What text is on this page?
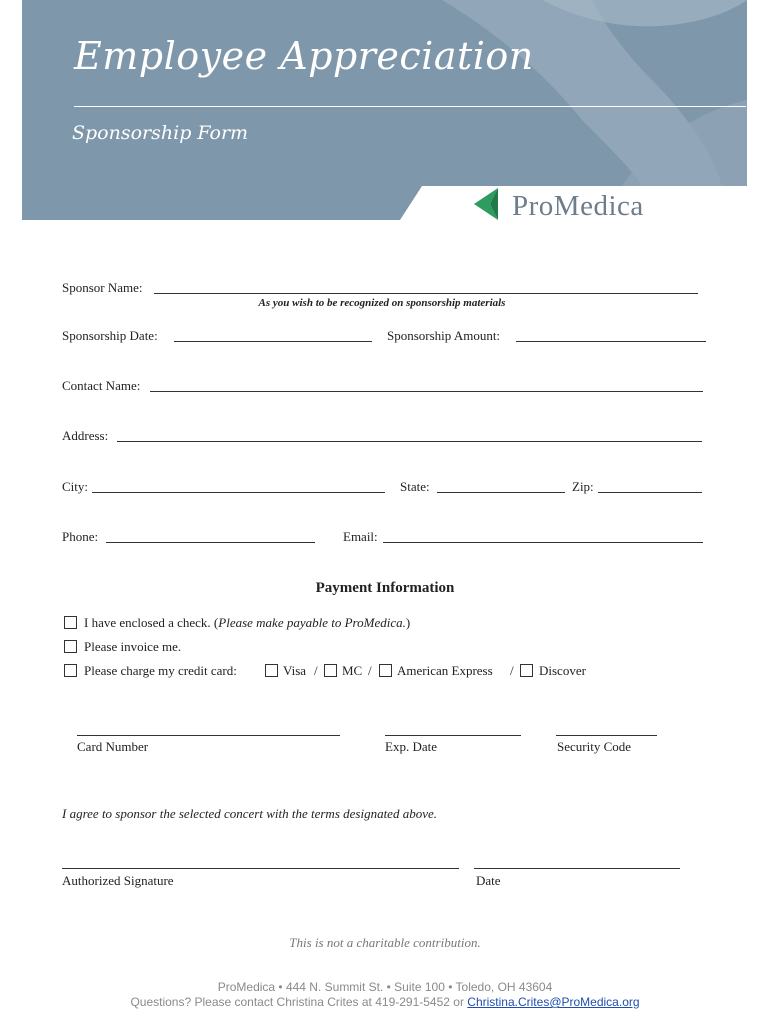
Employee Appreciation
Sponsorship Form
ProMedica
Sponsor Name:
As you wish to be recognized on sponsorship materials
Sponsorship Date:	Sponsorship Amount:
Contact Name:
Address:
City:	State:	Zip:
Phone:	Email:
Payment Information
I have enclosed a check. (Please make payable to ProMedica.)
Please invoice me.
Please charge my credit card:	Visa / MC / American Express / Discover
Card Number	Exp. Date	Security Code
I agree to sponsor the selected concert with the terms designated above.
Authorized Signature	Date
This is not a charitable contribution.
ProMedica • 444 N. Summit St. • Suite 100 • Toledo, OH 43604
Questions? Please contact Christina Crites at 419-291-5452 or Christina.Crites@ProMedica.org
